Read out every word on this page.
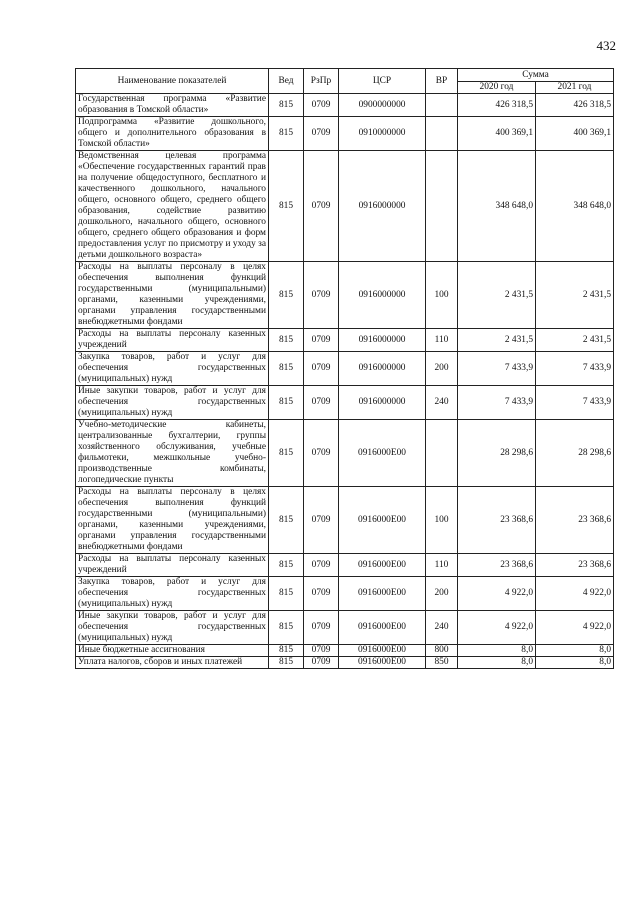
432
Наименование показателей	Вед	РзПр	ЦСР	ВР	Сумма	
					2020 год	2021 год
Государственная программа «Развитие образования в Томской области»	815	0709	0900000000		426 318,5	426 318,5
Подпрограмма «Развитие дошкольного, общего и дополнительного образования в Томской области»	815	0709	0910000000		400 369,1	400 369,1
Ведомственная целевая программа «Обеспечение государственных гарантий прав на получение общедоступного, бесплатного и качественного дошкольного, начального общего, основного общего, среднего общего образования, содействие развитию дошкольного, начального общего, основного общего, среднего общего образования и форм предоставления услуг по присмотру и уходу за детьми дошкольного возраста»	815	0709	0916000000		348 648,0	348 648,0
Расходы на выплаты персоналу в целях обеспечения выполнения функций государственными (муниципальными) органами, казенными учреждениями, органами управления государственными внебюджетными фондами	815	0709	0916000000	100	2 431,5	2 431,5
Расходы на выплаты персоналу казенных учреждений	815	0709	0916000000	110	2 431,5	2 431,5
Закупка товаров, работ и услуг для обеспечения государственных (муниципальных) нужд	815	0709	0916000000	200	7 433,9	7 433,9
Иные закупки товаров, работ и услуг для обеспечения государственных (муниципальных) нужд	815	0709	0916000000	240	7 433,9	7 433,9
Учебно-методические кабинеты, централизованные бухгалтерии, группы хозяйственного обслуживания, учебные фильмотеки, межшкольные учебно-производственные комбинаты, логопедические пункты	815	0709	0916000Е00		28 298,6	28 298,6
Расходы на выплаты персоналу в целях обеспечения выполнения функций государственными (муниципальными) органами, казенными учреждениями, органами управления государственными внебюджетными фондами	815	0709	0916000Е00	100	23 368,6	23 368,6
Расходы на выплаты персоналу казенных учреждений	815	0709	0916000Е00	110	23 368,6	23 368,6
Закупка товаров, работ и услуг для обеспечения государственных (муниципальных) нужд	815	0709	0916000Е00	200	4 922,0	4 922,0
Иные закупки товаров, работ и услуг для обеспечения государственных (муниципальных) нужд	815	0709	0916000Е00	240	4 922,0	4 922,0
Иные бюджетные ассигнования	815	0709	0916000Е00	800	8,0	8,0
Уплата налогов, сборов и иных платежей	815	0709	0916000Е00	850	8,0	8,0
